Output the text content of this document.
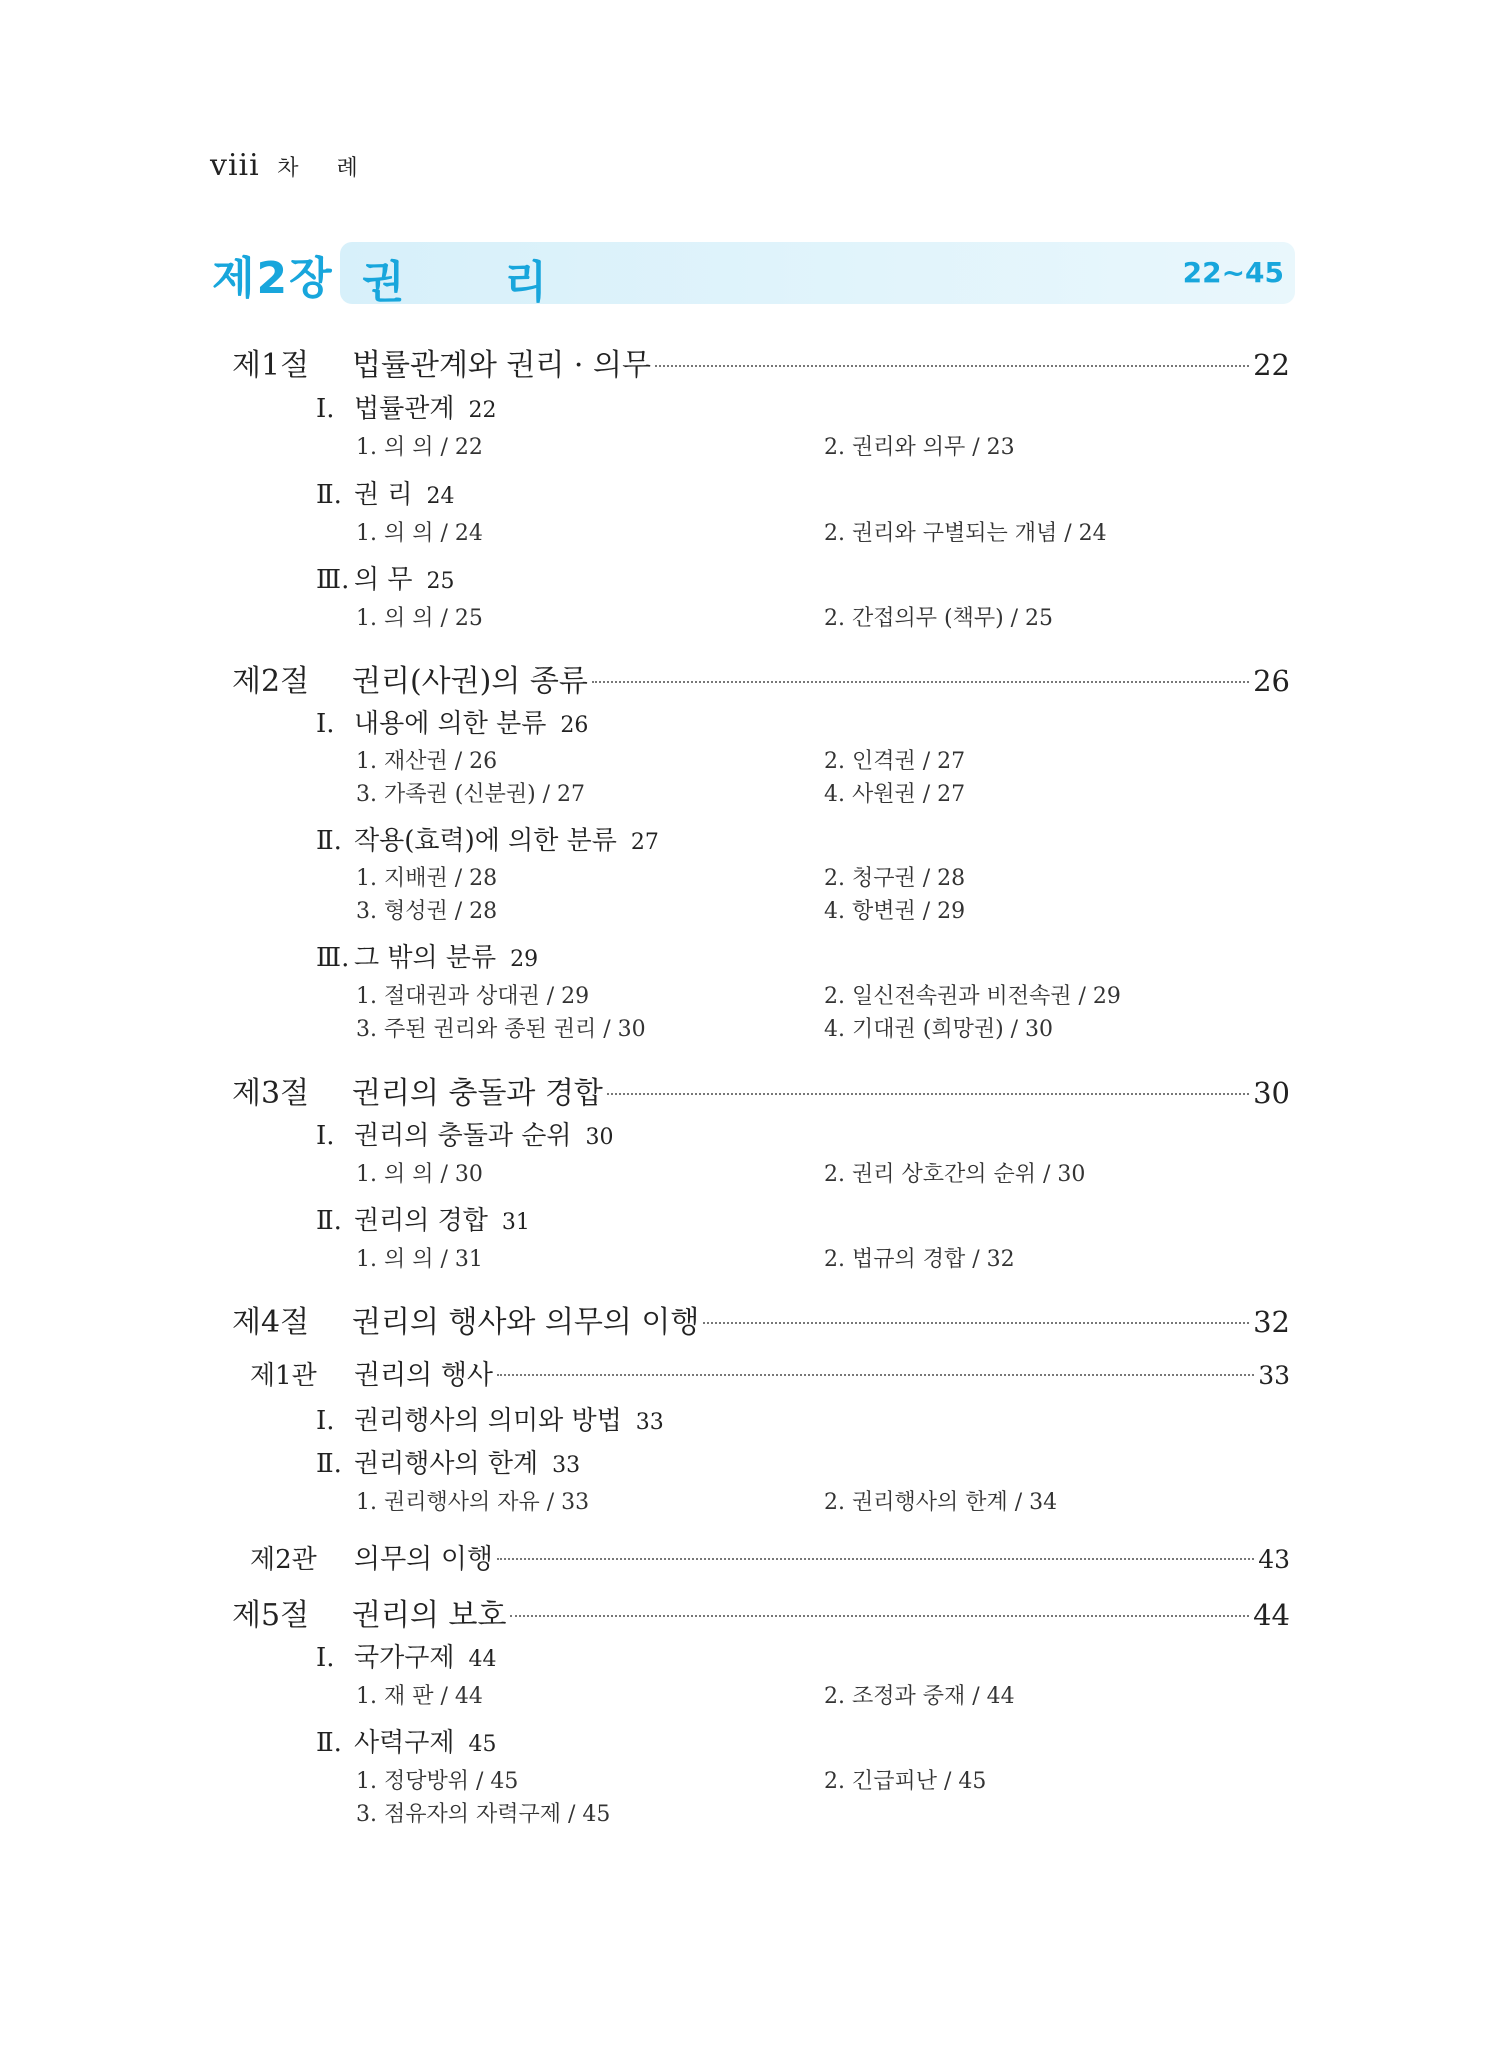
viii 차례
제2장 권리	22~45
제1절	법률관계와 권리 · 의무	22
Ⅰ. 법률관계 22
1. 의 의 / 22	2. 권리와 의무 / 23
Ⅱ. 권 리 24
1. 의 의 / 24	2. 권리와 구별되는 개념 / 24
Ⅲ. 의 무 25
1. 의 의 / 25	2. 간접의무 (책무) / 25
제2절	권리(사권)의 종류	26
Ⅰ. 내용에 의한 분류 26
1. 재산권 / 26	2. 인격권 / 27
3. 가족권 (신분권) / 27	4. 사원권 / 27
Ⅱ. 작용(효력)에 의한 분류 27
1. 지배권 / 28	2. 청구권 / 28
3. 형성권 / 28	4. 항변권 / 29
Ⅲ. 그 밖의 분류 29
1. 절대권과 상대권 / 29	2. 일신전속권과 비전속권 / 29
3. 주된 권리와 종된 권리 / 30	4. 기대권 (희망권) / 30
제3절	권리의 충돌과 경합	30
Ⅰ. 권리의 충돌과 순위 30
1. 의 의 / 30	2. 권리 상호간의 순위 / 30
Ⅱ. 권리의 경합 31
1. 의 의 / 31	2. 법규의 경합 / 32
제4절	권리의 행사와 의무의 이행	32
제1관	권리의 행사	33
Ⅰ. 권리행사의 의미와 방법 33
Ⅱ. 권리행사의 한계 33
1. 권리행사의 자유 / 33	2. 권리행사의 한계 / 34
제2관	의무의 이행	43
제5절	권리의 보호	44
Ⅰ. 국가구제 44
1. 재 판 / 44	2. 조정과 중재 / 44
Ⅱ. 사력구제 45
1. 정당방위 / 45	2. 긴급피난 / 45
3. 점유자의 자력구제 / 45
